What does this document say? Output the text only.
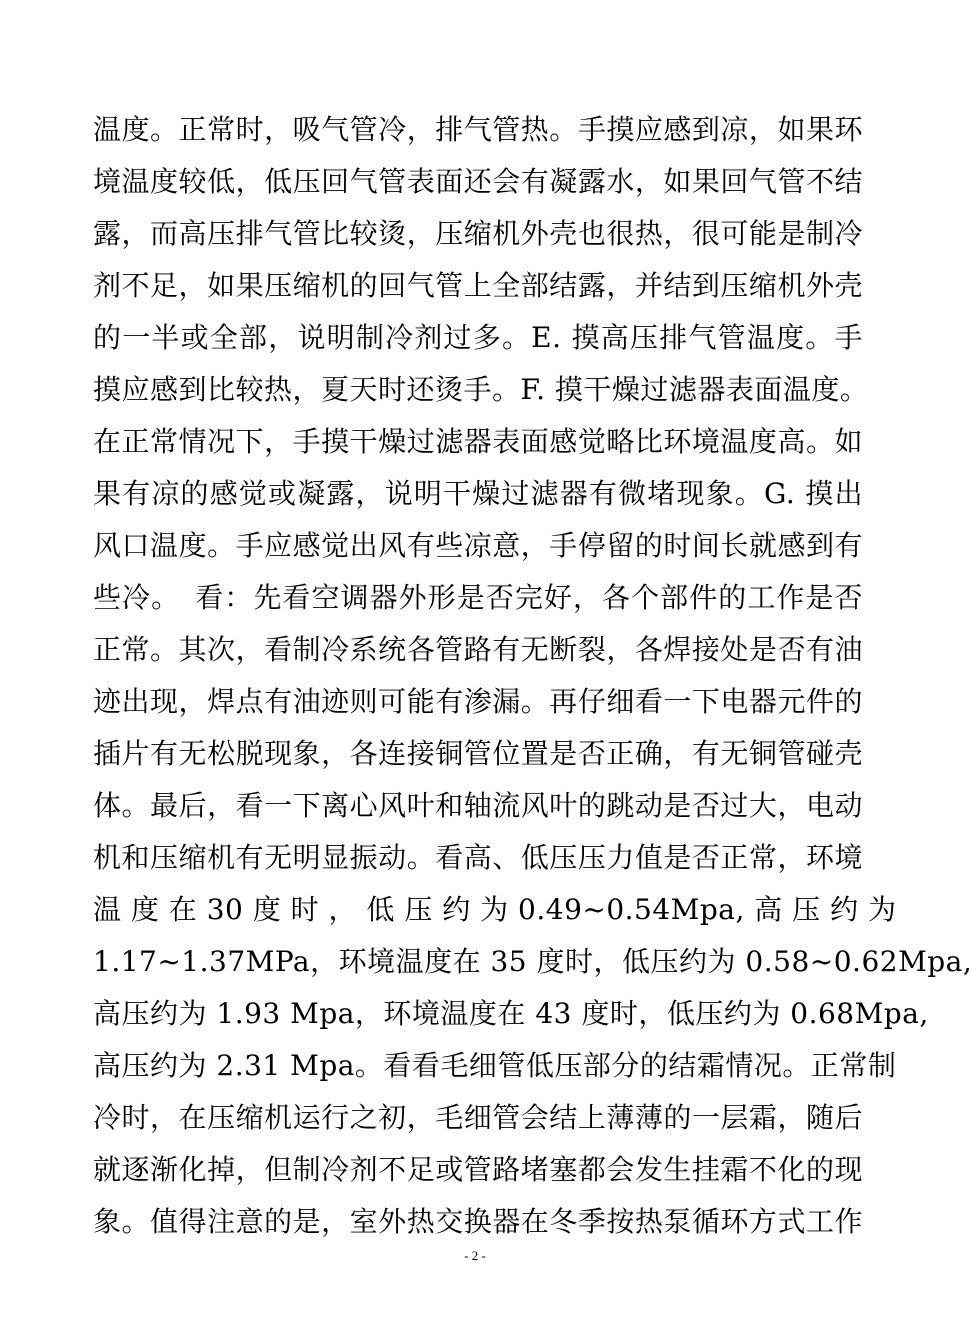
温度。正常时，吸气管冷，排气管热。手摸应感到凉，如果环
境温度较低，低压回气管表面还会有凝露水，如果回气管不结
露，而高压排气管比较烫，压缩机外壳也很热，很可能是制冷
剂不足，如果压缩机的回气管上全部结露，并结到压缩机外壳
的一半或全部，说明制冷剂过多。E. 摸高压排气管温度。手
摸应感到比较热，夏天时还烫手。F. 摸干燥过滤器表面温度。
在正常情况下，手摸干燥过滤器表面感觉略比环境温度高。如
果有凉的感觉或凝露，说明干燥过滤器有微堵现象。G. 摸出
风口温度。手应感觉出风有些凉意，手停留的时间长就感到有
些冷。　看：先看空调器外形是否完好，各个部件的工作是否
正常。其次，看制冷系统各管路有无断裂，各焊接处是否有油
迹出现，焊点有油迹则可能有渗漏。再仔细看一下电器元件的
插片有无松脱现象，各连接铜管位置是否正确，有无铜管碰壳
体。最后，看一下离心风叶和轴流风叶的跳动是否过大，电动
机和压缩机有无明显振动。看高、低压压力值是否正常，环境
温 度 在 30 度 时 ， 低 压 约 为 0.49~0.54Mpa, 高 压 约 为
1.17~1.37MPa，环境温度在 35 度时，低压约为 0.58~0.62Mpa,
高压约为 1.93 Mpa，环境温度在 43 度时，低压约为 0.68Mpa,
高压约为 2.31 Mpa。看看毛细管低压部分的结霜情况。正常制
冷时，在压缩机运行之初，毛细管会结上薄薄的一层霜，随后
就逐渐化掉，但制冷剂不足或管路堵塞都会发生挂霜不化的现
象。值得注意的是，室外热交换器在冬季按热泵循环方式工作
- 2 -
